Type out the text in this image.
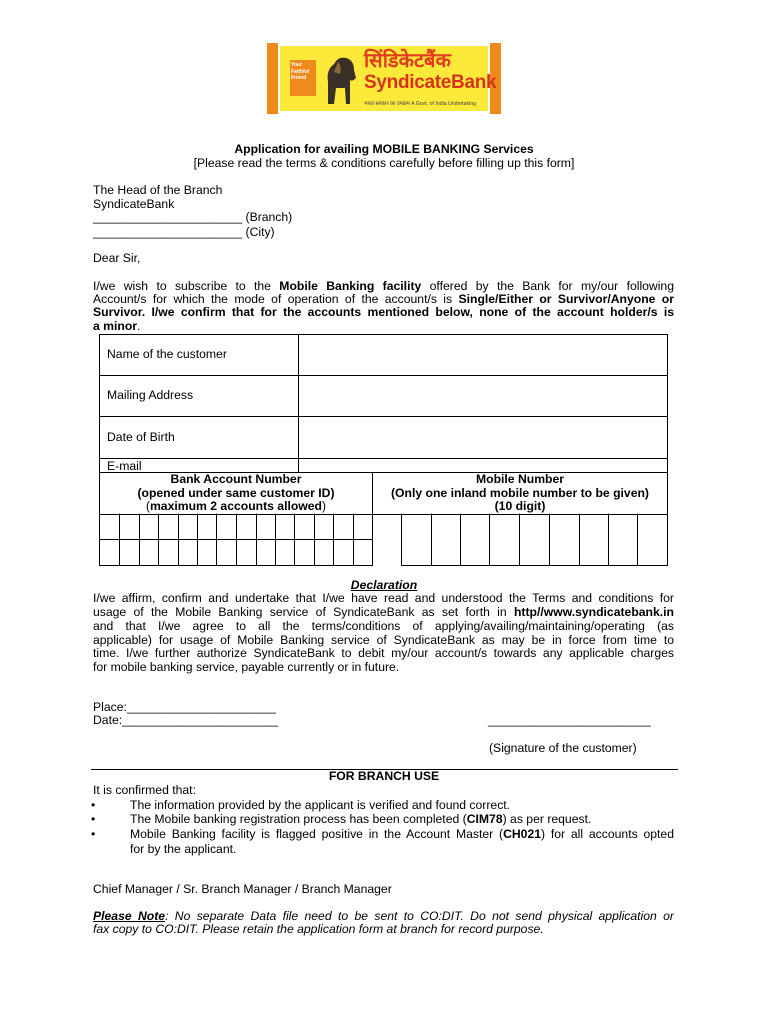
Your Faithful Friend
सिंडिकेटबैंक
SyndicateBank
भारत सरकार का उपक्रम A Govt. of India Undertaking
Application for availing MOBILE BANKING Services
[Please read the terms & conditions carefully before filling up this form]
The Head of the Branch
SyndicateBank
______________________ (Branch)
______________________ (City)
Dear Sir,
I/we wish to subscribe to the Mobile Banking facility offered by the Bank for my/our following
Account/s for which the mode of operation of the account/s is Single/Either or Survivor/Anyone or
Survivor. I/we confirm that for the accounts mentioned below, none of the account holder/s is
a minor.
Name of the customer	
Mailing Address	
Date of Birth	
E-mail	
Bank Account Number
(opened under same customer ID)
(maximum 2 accounts allowed)

Mobile Number
(Only one inland mobile number to be given)
(10 digit)
Declaration
I/we affirm, confirm and undertake that I/we have read and understood the Terms and conditions for
usage of the Mobile Banking service of SyndicateBank as set forth in http//www.syndicatebank.in
and that I/we agree to all the terms/conditions of applying/availing/maintaining/operating (as
applicable) for usage of Mobile Banking service of SyndicateBank as may be in force from time to
time. I/we further authorize SyndicateBank to debit my/our account/s towards any applicable charges
for mobile banking service, payable currently or in future.
Place:______________________
Date:_______________________	________________________
(Signature of the customer)
FOR BRANCH USE
It is confirmed that:
•	The information provided by the applicant is verified and found correct.
•	The Mobile banking registration process has been completed (CIM78) as per request.
•	Mobile Banking facility is flagged positive in the Account Master (CH021) for all accounts opted
for by the applicant.
Chief Manager / Sr. Branch Manager / Branch Manager
Please Note: No separate Data file need to be sent to CO:DIT. Do not send physical application or
fax copy to CO:DIT. Please retain the application form at branch for record purpose.
